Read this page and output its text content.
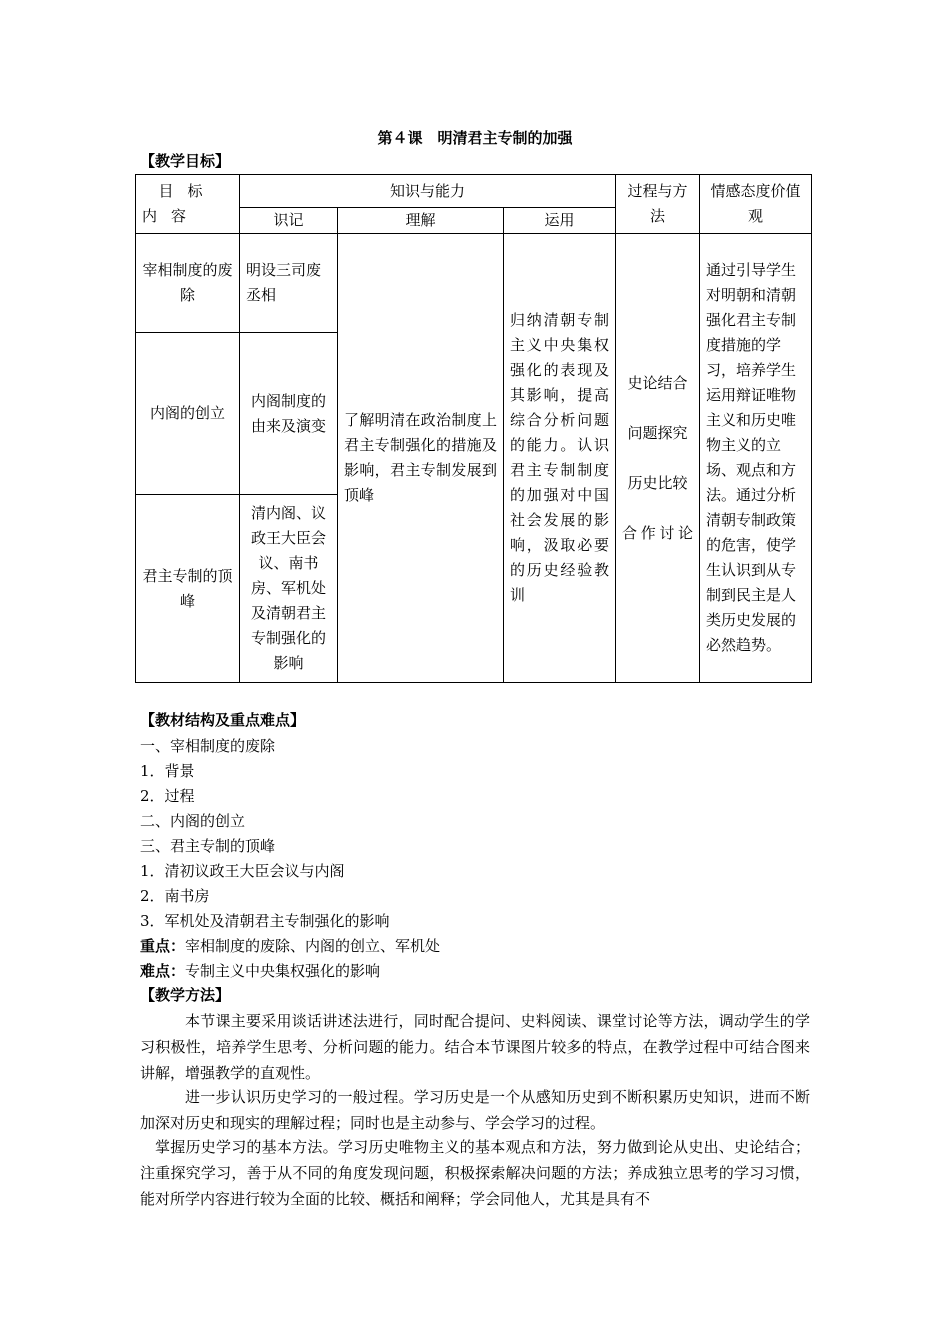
第４课　明清君主专制的加强
【教学目标】
目标
内容	知识与能力			过程与方法	情感态度价值观
	识记	理解	运用		
宰相制度的废除	明设三司废丞相	了解明清在政治制度上君主专制强化的措施及影响，君主专制发展到顶峰	归纳清朝专制主义中央集权强化的表现及其影响，提高综合分析问题的能力。认识君主专制制度的加强对中国社会发展的影响，汲取必要的历史经验教训	史论结合
问题探究
历史比较
合作讨论	通过引导学生对明朝和清朝强化君主专制度措施的学习，培养学生运用辩证唯物主义和历史唯物主义的立场、观点和方法。通过分析清朝专制政策的危害，使学生认识到从专制到民主是人类历史发展的必然趋势。
内阁的创立	内阁制度的由来及演变				
君主专制的顶峰	清内阁、议政王大臣会议、南书房、军机处及清朝君主专制强化的影响				
【教材结构及重点难点】
一、宰相制度的废除
1．背景
2．过程
二、内阁的创立
三、君主专制的顶峰
1．清初议政王大臣会议与内阁
2．南书房
3．军机处及清朝君主专制强化的影响
重点：宰相制度的废除、内阁的创立、军机处
难点：专制主义中央集权强化的影响
【教学方法】
本节课主要采用谈话讲述法进行，同时配合提问、史料阅读、课堂讨论等方法，调动学生的学习积极性，培养学生思考、分析问题的能力。结合本节课图片较多的特点，在教学过程中可结合图来讲解，增强教学的直观性。
进一步认识历史学习的一般过程。学习历史是一个从感知历史到不断积累历史知识，进而不断加深对历史和现实的理解过程；同时也是主动参与、学会学习的过程。
掌握历史学习的基本方法。学习历史唯物主义的基本观点和方法，努力做到论从史出、史论结合；注重探究学习，善于从不同的角度发现问题，积极探索解决问题的方法；养成独立思考的学习习惯，能对所学内容进行较为全面的比较、概括和阐释；学会同他人，尤其是具有不
